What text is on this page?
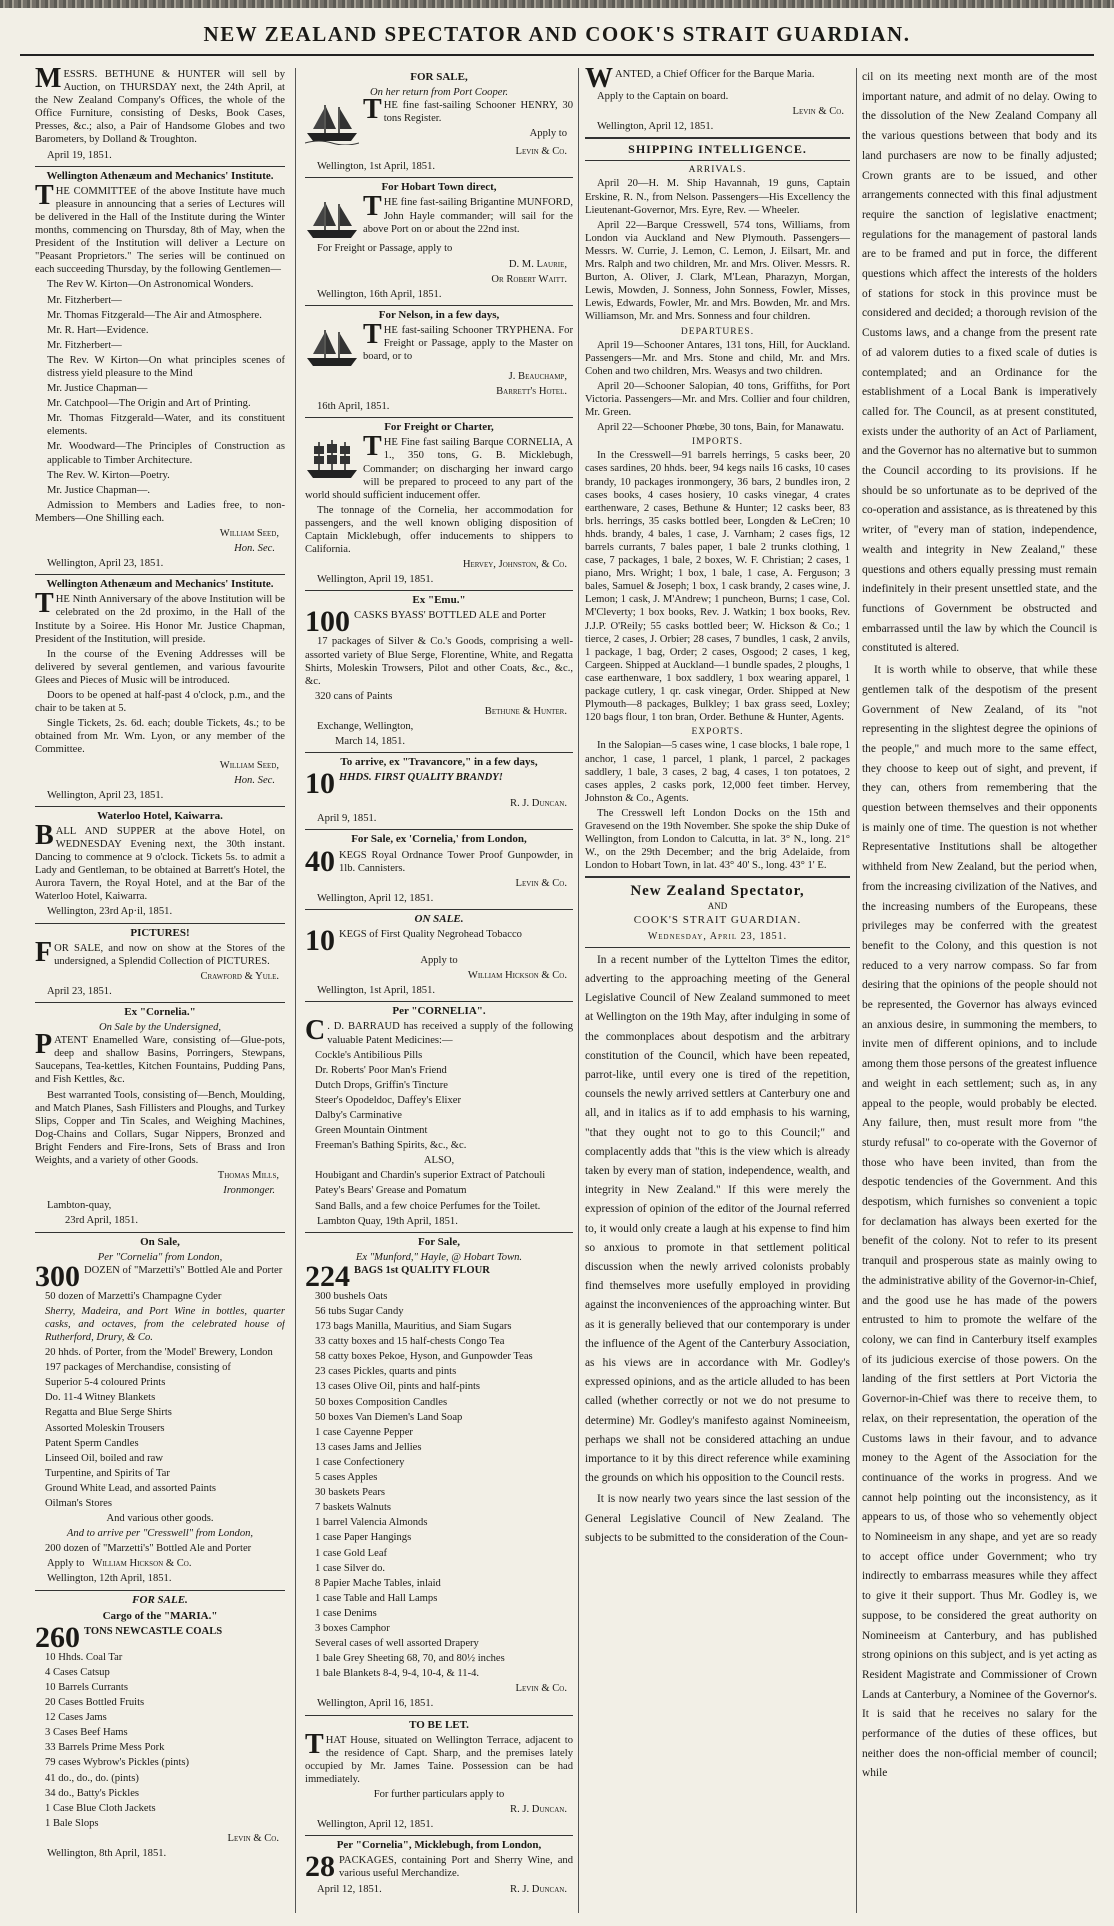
NEW ZEALAND SPECTATOR AND COOK'S STRAIT GUARDIAN.

MESSRS. BETHUNE & HUNTER will sell by Auction, on THURSDAY next, the 24th April, at the New Zealand Company's Offices, the whole of the Office Furniture, consisting of Desks, Book Cases, Presses, &c.; also, a Pair of Handsome Globes and two Barometers, by Dolland & Troughton.

April 19, 1851.

Wellington Athenæum and Mechanics' Institute.

THE COMMITTEE of the above Institute have much pleasure in announcing that a series of Lectures will be delivered in the Hall of the Institute during the Winter months, commencing on Thursday, 8th of May, when the President of the Institution will deliver a Lecture on "Peasant Proprietors." The series will be continued on each succeeding Thursday, by the following Gentlemen—

The Rev W. Kirton—On Astronomical Wonders.

Mr. Fitzherbert—

Mr. Thomas Fitzgerald—The Air and Atmosphere.

Mr. R. Hart—Evidence.

Mr. Fitzherbert—

The Rev. W Kirton—On what principles scenes of distress yield pleasure to the Mind

Mr. Justice Chapman—

Mr. Catchpool—The Origin and Art of Printing.

Mr. Thomas Fitzgerald—Water, and its constituent elements.

Mr. Woodward—The Principles of Construction as applicable to Timber Architecture.

The Rev. W. Kirton—Poetry.

Mr. Justice Chapman—.

Admission to Members and Ladies free, to non-Members—One Shilling each.

William Seed,

Hon. Sec.

Wellington, April 23, 1851.

Wellington Athenæum and Mechanics' Institute.

THE Ninth Anniversary of the above Institution will be celebrated on the 2d proximo, in the Hall of the Institute by a Soiree. His Honor Mr. Justice Chapman, President of the Institution, will preside.

In the course of the Evening Addresses will be delivered by several gentlemen, and various favourite Glees and Pieces of Music will be introduced.

Doors to be opened at half-past 4 o'clock, p.m., and the chair to be taken at 5.

Single Tickets, 2s. 6d. each; double Tickets, 4s.; to be obtained from Mr. Wm. Lyon, or any member of the Committee.

William Seed,

Hon. Sec.

Wellington, April 23, 1851.

Waterloo Hotel, Kaiwarra.

BALL AND SUPPER at the above Hotel, on WEDNESDAY Evening next, the 30th instant. Dancing to commence at 9 o'clock. Tickets 5s. to admit a Lady and Gentleman, to be obtained at Barrett's Hotel, the Aurora Tavern, the Royal Hotel, and at the Bar of the Waterloo Hotel, Kaiwarra.

Wellington, 23rd Ap·il, 1851.

PICTURES!

FOR SALE, and now on show at the Stores of the undersigned, a Splendid Collection of PICTURES.

Crawford & Yule.

April 23, 1851.

Ex "Cornelia."
On Sale by the Undersigned,

PATENT Enamelled Ware, consisting of—Glue-pots, deep and shallow Basins, Porringers, Stewpans, Saucepans, Tea-kettles, Kitchen Fountains, Pudding Pans, and Fish Kettles, &c.

Best warranted Tools, consisting of—Bench, Moulding, and Match Planes, Sash Fillisters and Ploughs, and Turkey Slips, Copper and Tin Scales, and Weighing Machines, Dog-Chains and Collars, Sugar Nippers, Bronzed and Bright Fenders and Fire-Irons, Sets of Brass and Iron Weights, and a variety of other Goods.

Thomas Mills,

Ironmonger.

Lambton-quay,

23rd April, 1851.

On Sale,
Per "Cornelia" from London,

300 DOZEN of "Marzetti's" Bottled Ale and Porter

50 dozen of Marzetti's Champagne Cyder

Sherry, Madeira, and Port Wine in bottles, quarter casks, and octaves, from the celebrated house of Rutherford, Drury, & Co.

20 hhds. of Porter, from the 'Model' Brewery, London

197 packages of Merchandise, consisting of

Superior 5-4 coloured Prints

Do. 11-4 Witney Blankets

Regatta and Blue Serge Shirts

Assorted Moleskin Trousers

Patent Sperm Candles

Linseed Oil, boiled and raw

Turpentine, and Spirits of Tar

Ground White Lead, and assorted Paints

Oilman's Stores

And various other goods.

And to arrive per "Cresswell" from London,

200 dozen of "Marzetti's" Bottled Ale and Porter

Apply to William Hickson & Co.

Wellington, 12th April, 1851.

FOR SALE.
Cargo of the "MARIA."

260 TONS NEWCASTLE COALS

10 Hhds. Coal Tar

4 Cases Catsup

10 Barrels Currants

20 Cases Bottled Fruits

12 Cases Jams

3 Cases Beef Hams

33 Barrels Prime Mess Pork

79 cases Wybrow's Pickles (pints)

41 do., do., do. (pints)

34 do., Batty's Pickles

1 Case Blue Cloth Jackets

1 Bale Slops

Levin & Co.

Wellington, 8th April, 1851.

FOR SALE,
On her return from Port Cooper.

THE fine fast-sailing Schooner HENRY, 30 tons Register.

Apply to

Levin & Co.

Wellington, 1st April, 1851.

For Hobart Town direct,

THE fine fast-sailing Brigantine MUNFORD, John Hayle commander; will sail for the above Port on or about the 22nd inst.

For Freight or Passage, apply to

D. M. Laurie,

Or Robert Waitt.

Wellington, 16th April, 1851.

For Nelson, in a few days,

THE fast-sailing Schooner TRYPHENA. For Freight or Passage, apply to the Master on board, or to

J. Beauchamp,

Barrett's Hotel.

16th April, 1851.

For Freight or Charter,

THE Fine fast sailing Barque CORNELIA, A 1., 350 tons, G. B. Micklebugh, Commander; on discharging her inward cargo will be prepared to proceed to any part of the world should sufficient inducement offer.

The tonnage of the Cornelia, her accommodation for passengers, and the well known obliging disposition of Captain Micklebugh, offer inducements to shippers to California.

Hervey, Johnston, & Co.

Wellington, April 19, 1851.

Ex "Emu."

100 CASKS BYASS' BOTTLED ALE and Porter

17 packages of Silver & Co.'s Goods, comprising a well-assorted variety of Blue Serge, Florentine, White, and Regatta Shirts, Moleskin Trowsers, Pilot and other Coats, &c., &c., &c.

320 cans of Paints

Bethune & Hunter.

Exchange, Wellington,

March 14, 1851.

To arrive, ex "Travancore," in a few days,

10 HHDS. FIRST QUALITY BRANDY!

R. J. Duncan.

April 9, 1851.

For Sale, ex 'Cornelia,' from London,

40 KEGS Royal Ordnance Tower Proof Gunpowder, in 1lb. Cannisters.

Levin & Co.

Wellington, April 12, 1851.

ON SALE.

10 KEGS of First Quality Negrohead Tobacco

Apply to

William Hickson & Co.

Wellington, 1st April, 1851.

Per "CORNELIA".

C . D. BARRAUD has received a supply of the following valuable Patent Medicines:—

Cockle's Antibilious Pills

Dr. Roberts' Poor Man's Friend

Dutch Drops, Griffin's Tincture

Steer's Opodeldoc, Daffey's Elixer

Dalby's Carminative

Green Mountain Ointment

Freeman's Bathing Spirits, &c., &c.

ALSO,

Houbigant and Chardin's superior Extract of Patchouli

Patey's Bears' Grease and Pomatum

Sand Balls, and a few choice Perfumes for the Toilet.

Lambton Quay, 19th April, 1851.

For Sale,
Ex "Munford," Hayle, @ Hobart Town.

224 BAGS 1st QUALITY FLOUR

300 bushels Oats

56 tubs Sugar Candy

173 bags Manilla, Mauritius, and Siam Sugars

33 catty boxes and 15 half-chests Congo Tea

58 catty boxes Pekoe, Hyson, and Gunpowder Teas

23 cases Pickles, quarts and pints

13 cases Olive Oil, pints and half-pints

50 boxes Composition Candles

50 boxes Van Diemen's Land Soap

1 case Cayenne Pepper

13 cases Jams and Jellies

1 case Confectionery

5 cases Apples

30 baskets Pears

7 baskets Walnuts

1 barrel Valencia Almonds

1 case Paper Hangings

1 case Gold Leaf

1 case Silver do.

8 Papier Mache Tables, inlaid

1 case Table and Hall Lamps

1 case Denims

3 boxes Camphor

Several cases of well assorted Drapery

1 bale Grey Sheeting 68, 70, and 80½ inches

1 bale Blankets 8-4, 9-4, 10-4, & 11-4.

Levin & Co.

Wellington, April 16, 1851.

TO BE LET.

THAT House, situated on Wellington Terrace, adjacent to the residence of Capt. Sharp, and the premises lately occupied by Mr. James Taine. Possession can be had immediately.

For further particulars apply to

R. J. Duncan.

Wellington, April 12, 1851.

Per "Cornelia", Micklebugh, from London,

28 PACKAGES, containing Port and Sherry Wine, and various useful Merchandize.

April 12, 1851.	R. J. Duncan.

WANTED, a Chief Officer for the Barque Maria.

Apply to the Captain on board.

Levin & Co.

Wellington, April 12, 1851.

SHIPPING INTELLIGENCE.
ARRIVALS.

April 20—H. M. Ship Havannah, 19 guns, Captain Erskine, R. N., from Nelson. Passengers—His Excellency the Lieutenant-Governor, Mrs. Eyre, Rev. — Wheeler.

April 22—Barque Cresswell, 574 tons, Williams, from London via Auckland and New Plymouth. Passengers—Messrs. W. Currie, J. Lemon, C. Lemon, J. Eilsart, Mr. and Mrs. Ralph and two children, Mr. and Mrs. Oliver. Messrs. R. Burton, A. Oliver, J. Clark, M'Lean, Pharazyn, Morgan, Lewis, Mowden, J. Sonness, John Sonness, Fowler, Misses, Lewis, Edwards, Fowler, Mr. and Mrs. Bowden, Mr. and Mrs. Williamson, Mr. and Mrs. Sonness and four children.

DEPARTURES.

April 19—Schooner Antares, 131 tons, Hill, for Auckland. Passengers—Mr. and Mrs. Stone and child, Mr. and Mrs. Cohen and two children, Mrs. Weasys and two children.

April 20—Schooner Salopian, 40 tons, Griffiths, for Port Victoria. Passengers—Mr. and Mrs. Collier and four children, Mr. Green.

April 22—Schooner Phœbe, 30 tons, Bain, for Manawatu.

IMPORTS.

In the Cresswell—91 barrels herrings, 5 casks beer, 20 cases sardines, 20 hhds. beer, 94 kegs nails 16 casks, 10 cases brandy, 10 packages ironmongery, 36 bars, 2 bundles iron, 2 cases books, 4 cases hosiery, 10 casks vinegar, 4 crates earthenware, 2 cases, Bethune & Hunter; 12 casks beer, 83 brls. herrings, 35 casks bottled beer, Longden & LeCren; 10 hhds. brandy, 4 bales, 1 case, J. Varnham; 2 cases figs, 12 barrels currants, 7 bales paper, 1 bale 2 trunks clothing, 1 case, 7 packages, 1 bale, 2 boxes, W. F. Christian; 2 cases, 1 piano, Mrs. Wright; 1 box, 1 bale, 1 case, A. Ferguson; 3 bales, Samuel & Joseph; 1 box, 1 cask brandy, 2 cases wine, J. Lemon; 1 cask, J. M'Andrew; 1 puncheon, Burns; 1 case, Col. M'Cleverty; 1 box books, Rev. J. Watkin; 1 box books, Rev. J.J.P. O'Reily; 55 casks bottled beer; W. Hickson & Co.; 1 tierce, 2 cases, J. Orbier; 28 cases, 7 bundles, 1 cask, 2 anvils, 1 package, 1 bag, Order; 2 cases, Osgood; 2 cases, 1 keg, Cargeen. Shipped at Auckland—1 bundle spades, 2 ploughs, 1 case earthenware, 1 box saddlery, 1 box wearing apparel, 1 package cutlery, 1 qr. cask vinegar, Order. Shipped at New Plymouth—8 packages, Bulkley; 1 bax grass seed, Loxley; 120 bags flour, 1 ton bran, Order. Bethune & Hunter, Agents.

EXPORTS.

In the Salopian—5 cases wine, 1 case blocks, 1 bale rope, 1 anchor, 1 case, 1 parcel, 1 plank, 1 parcel, 2 packages saddlery, 1 bale, 3 cases, 2 bag, 4 cases, 1 ton potatoes, 2 cases apples, 2 casks pork, 12,000 feet timber. Hervey, Johnston & Co., Agents.

The Cresswell left London Docks on the 15th and Gravesend on the 19th November. She spoke the ship Duke of Wellington, from London to Calcutta, in lat. 3° N., long. 21° W., on the 29th December; and the brig Adelaide, from London to Hobart Town, in lat. 43° 40' S., long. 43° 1' E.

New Zealand Spectator,
AND
COOK'S STRAIT GUARDIAN.
Wednesday, April 23, 1851.

In a recent number of the Lyttelton Times the editor, adverting to the approaching meeting of the General Legislative Council of New Zealand summoned to meet at Wellington on the 19th May, after indulging in some of the commonplaces about despotism and the arbitrary constitution of the Council, which have been repeated, parrot-like, until every one is tired of the repetition, counsels the newly arrived settlers at Canterbury one and all, and in italics as if to add emphasis to his warning, "that they ought not to go to this Council;" and complacently adds that "this is the view which is already taken by every man of station, independence, wealth, and integrity in New Zealand." If this were merely the expression of opinion of the editor of the Journal referred to, it would only create a laugh at his expense to find him so anxious to promote in that settlement political discussion when the newly arrived colonists probably find themselves more usefully employed in providing against the inconveniences of the approaching winter. But as it is generally believed that our contemporary is under the influence of the Agent of the Canterbury Association, as his views are in accordance with Mr. Godley's expressed opinions, and as the article alluded to has been called (whether correctly or not we do not presume to determine) Mr. Godley's manifesto against Nomineeism, perhaps we shall not be considered attaching an undue importance to it by this direct reference while examining the grounds on which his opposition to the Council rests.

It is now nearly two years since the last session of the General Legislative Council of New Zealand. The subjects to be submitted to the consideration of the Coun-

cil on its meeting next month are of the most important nature, and admit of no delay. Owing to the dissolution of the New Zealand Company all the various questions between that body and its land purchasers are now to be finally adjusted; Crown grants are to be issued, and other arrangements connected with this final adjustment require the sanction of legislative enactment; regulations for the management of pastoral lands are to be framed and put in force, the different questions which affect the interests of the holders of stations for stock in this province must be considered and decided; a thorough revision of the Customs laws, and a change from the present rate of ad valorem duties to a fixed scale of duties is contemplated; and an Ordinance for the establishment of a Local Bank is imperatively called for. The Council, as at present constituted, exists under the authority of an Act of Parliament, and the Governor has no alternative but to summon the Council according to its provisions. If he should be so unfortunate as to be deprived of the co-operation and assistance, as is threatened by this writer, of "every man of station, independence, wealth and integrity in New Zealand," these questions and others equally pressing must remain indefinitely in their present unsettled state, and the functions of Government be obstructed and embarrassed until the law by which the Council is constituted is altered.

It is worth while to observe, that while these gentlemen talk of the despotism of the present Government of New Zealand, of its "not representing in the slightest degree the opinions of the people," and much more to the same effect, they choose to keep out of sight, and prevent, if they can, others from remembering that the question between themselves and their opponents is mainly one of time. The question is not whether Representative Institutions shall be altogether withheld from New Zealand, but the period when, from the increasing civilization of the Natives, and the increasing numbers of the Europeans, these privileges may be conferred with the greatest benefit to the Colony, and this question is not reduced to a very narrow compass. So far from desiring that the opinions of the people should not be represented, the Governor has always evinced an anxious desire, in summoning the members, to invite men of different opinions, and to include among them those persons of the greatest influence and weight in each settlement; such as, in any appeal to the people, would probably be elected. Any failure, then, must result more from "the sturdy refusal" to co-operate with the Governor of those who have been invited, than from the despotic tendencies of the Government. And this despotism, which furnishes so convenient a topic for declamation has always been exerted for the benefit of the colony. Not to refer to its present tranquil and prosperous state as mainly owing to the administrative ability of the Governor-in-Chief, and the good use he has made of the powers entrusted to him to promote the welfare of the colony, we can find in Canterbury itself examples of its judicious exercise of those powers. On the landing of the first settlers at Port Victoria the Governor-in-Chief was there to receive them, to relax, on their representation, the operation of the Customs laws in their favour, and to advance money to the Agent of the Association for the continuance of the works in progress. And we cannot help pointing out the inconsistency, as it appears to us, of those who so vehemently object to Nomineeism in any shape, and yet are so ready to accept office under Government; who try indirectly to embarrass measures while they affect to give it their support. Thus Mr. Godley is, we suppose, to be considered the great authority on Nomineeism at Canterbury, and has published strong opinions on this subject, and is yet acting as Resident Magistrate and Commissioner of Crown Lands at Canterbury, a Nominee of the Governor's. It is said that he receives no salary for the performance of the duties of these offices, but neither does the non-official member of council; while
